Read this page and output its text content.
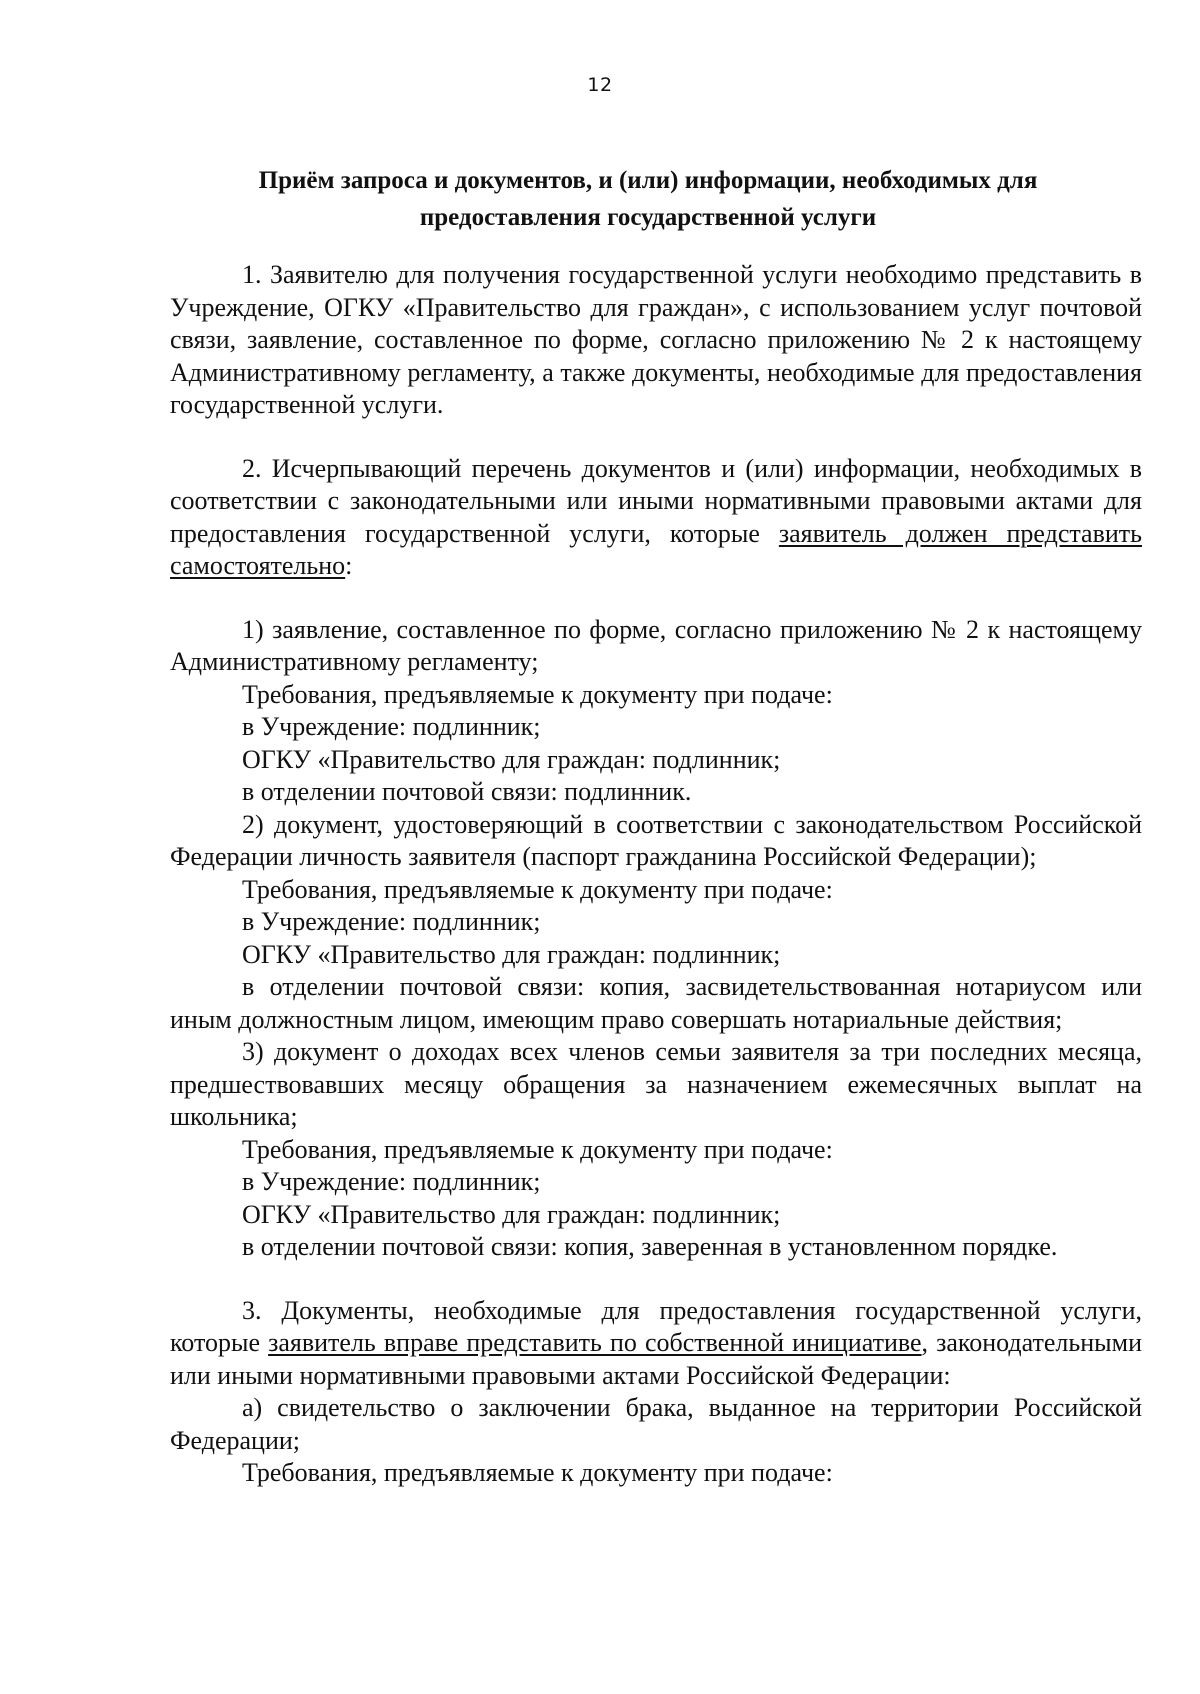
12
Приём запроса и документов, и (или) информации, необходимых для
предоставления государственной услуги

1. Заявителю для получения государственной услуги необходимо представить в Учреждение, ОГКУ «Правительство для граждан», с использованием услуг почтовой связи, заявление, составленное по форме, согласно приложению № 2 к настоящему Административному регламенту, а также документы, необходимые для предоставления государственной услуги.

2. Исчерпывающий перечень документов и (или) информации, необходимых в соответствии с законодательными или иными нормативными правовыми актами для предоставления государственной услуги, которые заявитель должен представить самостоятельно:

1) заявление, составленное по форме, согласно приложению № 2 к настоящему Административному регламенту;

Требования, предъявляемые к документу при подаче:

в Учреждение: подлинник;

ОГКУ «Правительство для граждан: подлинник;

в отделении почтовой связи: подлинник.

2) документ, удостоверяющий в соответствии с законодательством Российской Федерации личность заявителя (паспорт гражданина Российской Федерации);

Требования, предъявляемые к документу при подаче:

в Учреждение: подлинник;

ОГКУ «Правительство для граждан: подлинник;

в отделении почтовой связи: копия, засвидетельствованная нотариусом или иным должностным лицом, имеющим право совершать нотариальные действия;

3) документ о доходах всех членов семьи заявителя за три последних месяца, предшествовавших месяцу обращения за назначением ежемесячных выплат на школьника;

Требования, предъявляемые к документу при подаче:

в Учреждение: подлинник;

ОГКУ «Правительство для граждан: подлинник;

в отделении почтовой связи: копия, заверенная в установленном порядке.

3. Документы, необходимые для предоставления государственной услуги, которые заявитель вправе представить по собственной инициативе, законодательными или иными нормативными правовыми актами Российской Федерации:

а) свидетельство о заключении брака, выданное на территории Российской Федерации;

Требования, предъявляемые к документу при подаче:
